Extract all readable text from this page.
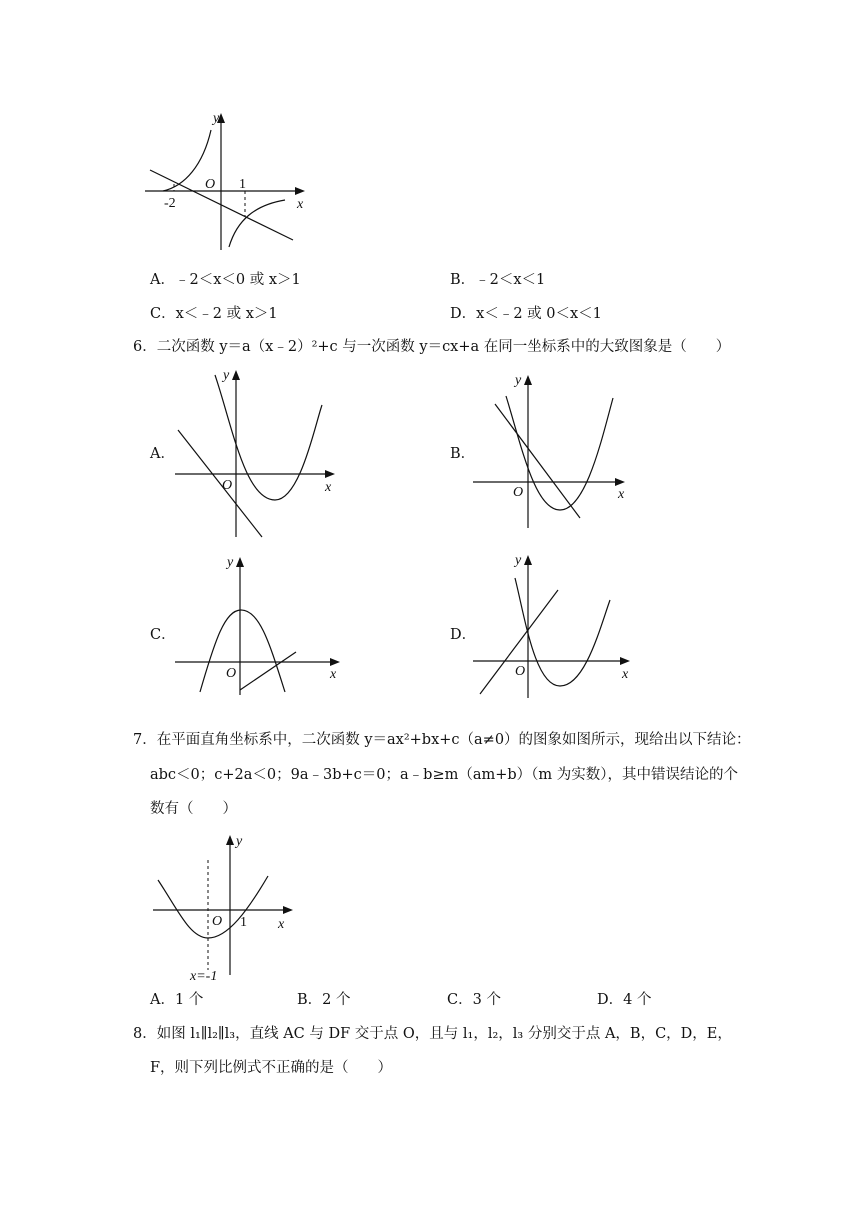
y
x
O 1
-2
A．﹣2＜x＜0 或 x＞1	B．﹣2＜x＜1
C．x＜﹣2 或 x＞1	D．x＜﹣2 或 0＜x＜1
6．二次函数 y＝a（x﹣2）²+c 与一次函数 y＝cx+a 在同一坐标系中的大致图象是（　　）
A．
y
x
O
B．
y
x
O
C．
y
x
O
D．
y
x
O
7．在平面直角坐标系中，二次函数 y＝ax²+bx+c（a≠0）的图象如图所示，现给出以下结论：
abc＜0；c+2a＜0；9a﹣3b+c＝0；a﹣b≥m（am+b）（m 为实数），其中错误结论的个
数有（　　）
y
x
O 1
x=-1
A．1 个	B．2 个	C．3 个	D．4 个
8．如图 l₁∥l₂∥l₃，直线 AC 与 DF 交于点 O，且与 l₁，l₂，l₃ 分别交于点 A，B，C，D，E，
F，则下列比例式不正确的是（　　）
